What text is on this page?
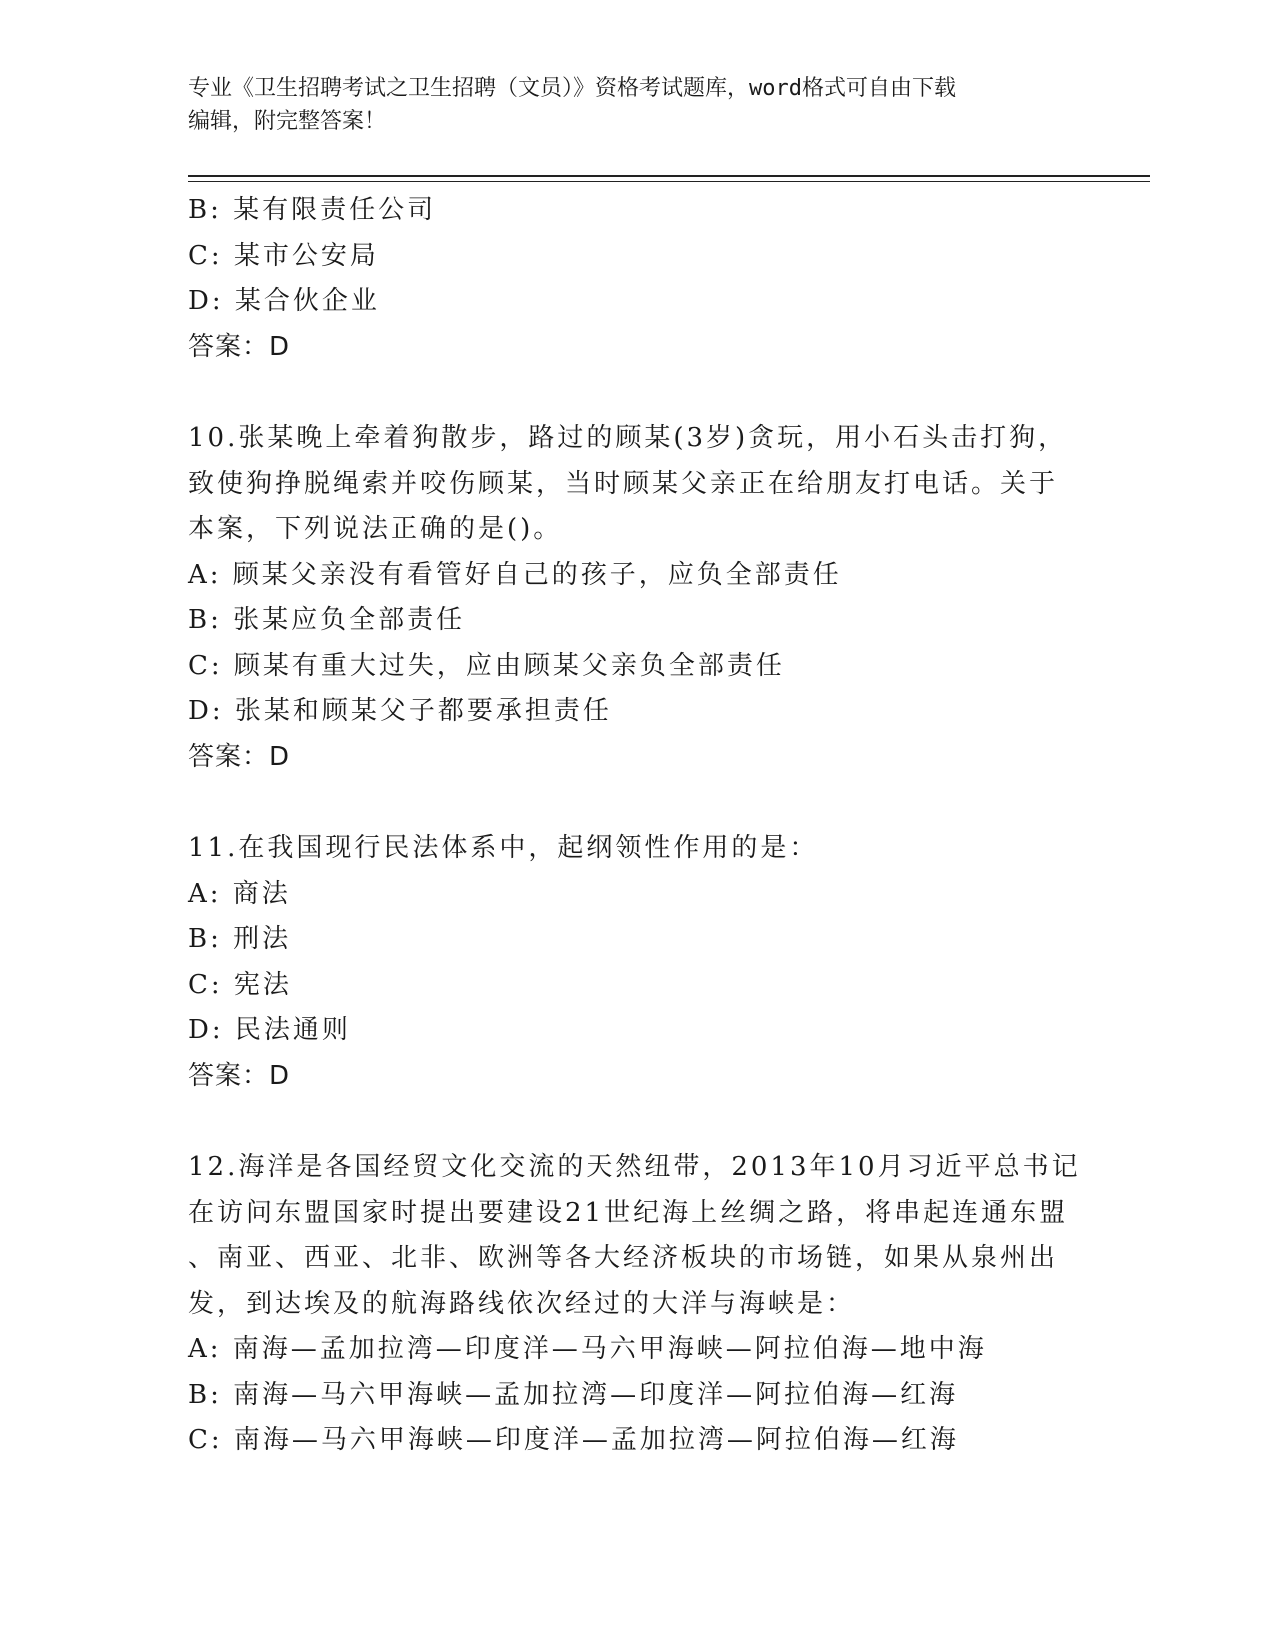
专业《卫生招聘考试之卫生招聘（文员）》资格考试题库，word格式可自由下载
编辑，附完整答案！
B: 某有限责任公司
C: 某市公安局
D: 某合伙企业
答案：D
10.张某晚上牵着狗散步，路过的顾某(3岁)贪玩，用小石头击打狗，
致使狗挣脱绳索并咬伤顾某，当时顾某父亲正在给朋友打电话。关于
本案，下列说法正确的是()。
A: 顾某父亲没有看管好自己的孩子，应负全部责任
B: 张某应负全部责任
C: 顾某有重大过失，应由顾某父亲负全部责任
D: 张某和顾某父子都要承担责任
答案：D
11.在我国现行民法体系中，起纲领性作用的是：
A: 商法
B: 刑法
C: 宪法
D: 民法通则
答案：D
12.海洋是各国经贸文化交流的天然纽带，2013年10月习近平总书记
在访问东盟国家时提出要建设21世纪海上丝绸之路，将串起连通东盟
、南亚、西亚、北非、欧洲等各大经济板块的市场链，如果从泉州出
发，到达埃及的航海路线依次经过的大洋与海峡是：
A: 南海—孟加拉湾—印度洋—马六甲海峡—阿拉伯海—地中海
B: 南海—马六甲海峡—孟加拉湾—印度洋—阿拉伯海—红海
C: 南海—马六甲海峡—印度洋—孟加拉湾—阿拉伯海—红海
